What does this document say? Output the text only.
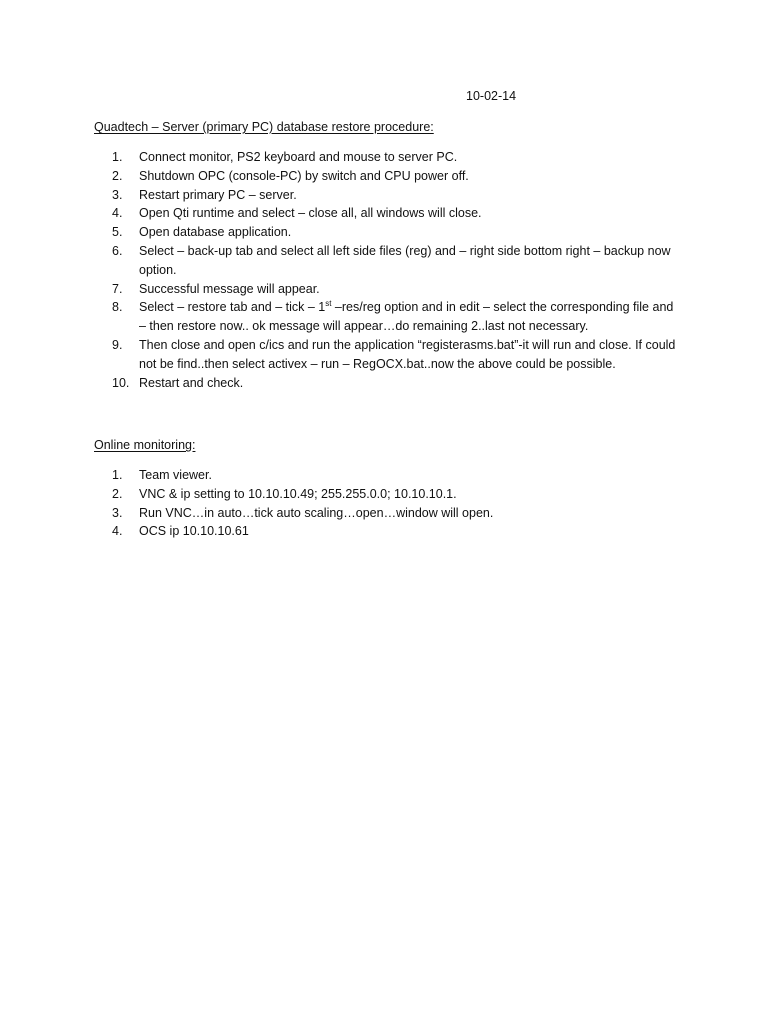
10-02-14
Quadtech – Server (primary PC) database restore procedure:
1.	Connect monitor, PS2 keyboard and mouse to server PC.
2.	Shutdown OPC (console-PC) by switch and CPU power off.
3.	Restart primary PC – server.
4.	Open Qti runtime and select – close all, all windows will close.
5.	Open database application.
6.	Select – back-up tab and select all left side files (reg) and – right side bottom right – backup now option.
7.	Successful message will appear.
8.	Select – restore tab and – tick – 1st –res/reg option and in edit – select the corresponding file and – then restore now.. ok message will appear…do remaining 2..last not necessary.
9.	Then close and open c/ics and run the application “registerasms.bat”-it will run and close. If could not be find..then select activex – run – RegOCX.bat..now the above could be possible.
10. Restart and check.
Online monitoring:
1.	Team viewer.
2.	VNC & ip setting to 10.10.10.49; 255.255.0.0; 10.10.10.1.
3.	Run VNC…in auto…tick auto scaling…open…window will open.
4.	OCS ip 10.10.10.61
